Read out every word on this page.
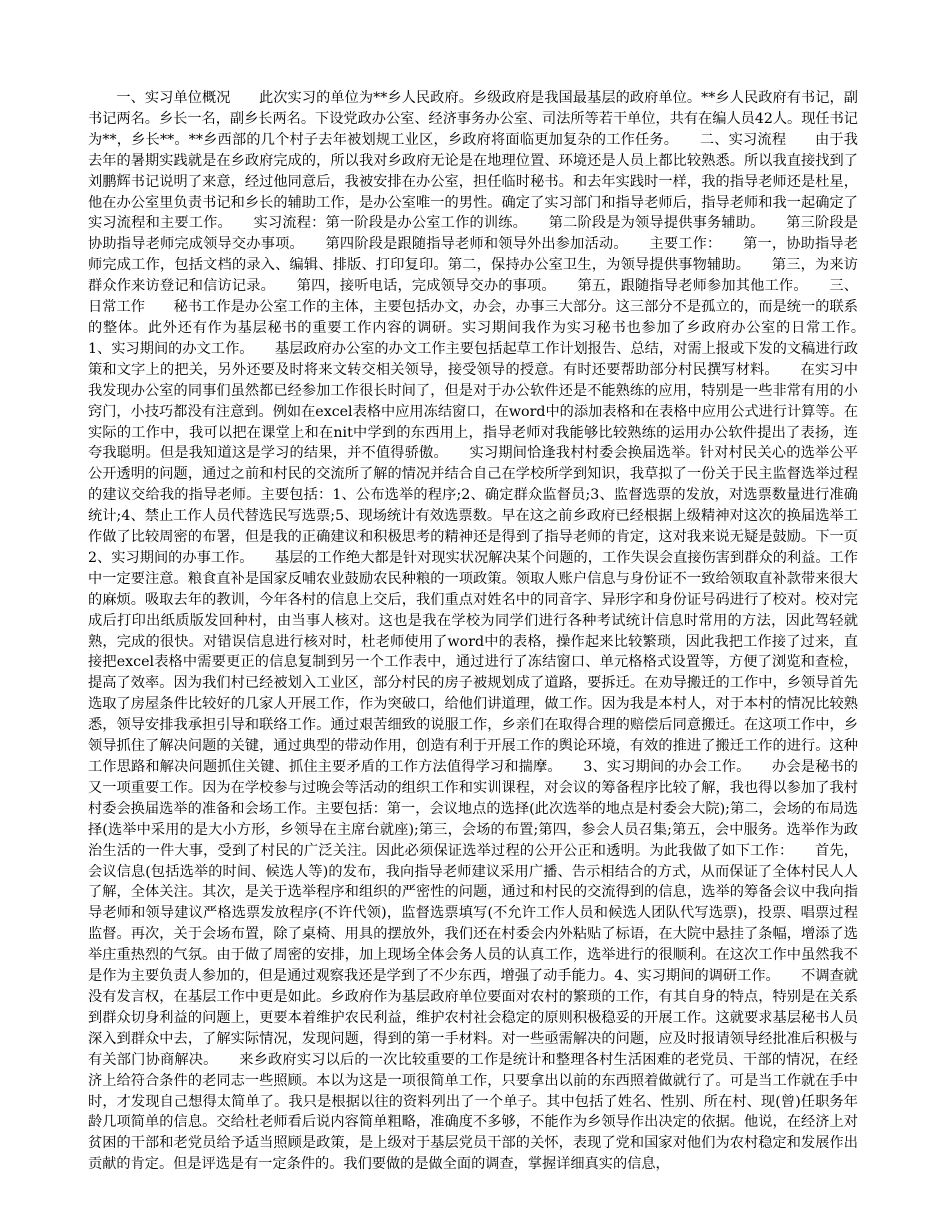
一、实习单位概况　　此次实习的单位为**乡人民政府。乡级政府是我国最基层的政府单位。**乡人民政府有书记，副书记两名。乡长一名，副乡长两名。下设党政办公室、经济事务办公室、司法所等若干单位，共有在编人员42人。现任书记为**，乡长**。**乡西部的几个村子去年被划规工业区，乡政府将面临更加复杂的工作任务。　　二、实习流程　　由于我去年的暑期实践就是在乡政府完成的，所以我对乡政府无论是在地理位置、环境还是人员上都比较熟悉。所以我直接找到了刘鹏辉书记说明了来意，经过他同意后，我被安排在办公室，担任临时秘书。和去年实践时一样，我的指导老师还是杜星，他在办公室里负责书记和乡长的辅助工作，是办公室唯一的男性。确定了实习部门和指导老师后，指导老师和我一起确定了实习流程和主要工作。　　实习流程：第一阶段是办公室工作的训练。　　第二阶段是为领导提供事务辅助。　　第三阶段是协助指导老师完成领导交办事项。　　第四阶段是跟随指导老师和领导外出参加活动。　　主要工作：　　第一，协助指导老师完成工作，包括文档的录入、编辑、排版、打印复印。第二，保持办公室卫生，为领导提供事物辅助。　　第三，为来访群众作来访登记和信访记录。　　第四，接听电话，完成领导交办的事项。　　第五，跟随指导老师参加其他工作。　　三、日常工作　　秘书工作是办公室工作的主体，主要包括办文，办会，办事三大部分。这三部分不是孤立的，而是统一的联系的整体。此外还有作为基层秘书的重要工作内容的调研。实习期间我作为实习秘书也参加了乡政府办公室的日常工作。　　1、实习期间的办文工作。　　基层政府办公室的办文工作主要包括起草工作计划报告、总结，对需上报或下发的文稿进行政策和文字上的把关，另外还要及时将来文转交相关领导，接受领导的授意。有时还要帮助部分村民撰写材料。　　在实习中我发现办公室的同事们虽然都已经参加工作很长时间了，但是对于办公软件还是不能熟练的应用，特别是一些非常有用的小窍门，小技巧都没有注意到。例如在excel表格中应用冻结窗口，在word中的添加表格和在表格中应用公式进行计算等。在实际的工作中，我可以把在课堂上和在nit中学到的东西用上，指导老师对我能够比较熟练的运用办公软件提出了表扬，连夸我聪明。但是我知道这是学习的结果，并不值得骄傲。　　实习期间恰逢我村村委会换届选举。针对村民关心的选举公平公开透明的问题，通过之前和村民的交流所了解的情况并结合自己在学校所学到知识，我草拟了一份关于民主监督选举过程的建议交给我的指导老师。主要包括：1、公布选举的程序;2、确定群众监督员;3、监督选票的发放，对选票数量进行准确统计;4、禁止工作人员代替选民写选票;5、现场统计有效选票数。早在这之前乡政府已经根据上级精神对这次的换届选举工作做了比较周密的布署，但是我的正确建议和积极思考的精神还是得到了指导老师的肯定，这对我来说无疑是鼓励。下一页　2、实习期间的办事工作。　　基层的工作绝大都是针对现实状况解决某个问题的，工作失误会直接伤害到群众的利益。工作中一定要注意。粮食直补是国家反哺农业鼓励农民种粮的一项政策。领取人账户信息与身份证不一致给领取直补款带来很大的麻烦。吸取去年的教训，今年各村的信息上交后，我们重点对姓名中的同音字、异形字和身份证号码进行了校对。校对完成后打印出纸质版发回种村，由当事人核对。这也是我在学校为同学们进行各种考试统计信息时常用的方法，因此驾轻就熟，完成的很快。对错误信息进行核对时，杜老师使用了word中的表格，操作起来比较繁琐，因此我把工作接了过来，直接把excel表格中需要更正的信息复制到另一个工作表中，通过进行了冻结窗口、单元格格式设置等，方便了浏览和查检，提高了效率。因为我们村已经被划入工业区，部分村民的房子被规划成了道路，要拆迁。在劝导搬迁的工作中，乡领导首先选取了房屋条件比较好的几家人开展工作，作为突破口，给他们讲道理，做工作。因为我是本村人，对于本村的情况比较熟悉，领导安排我承担引导和联络工作。通过艰苦细致的说服工作，乡亲们在取得合理的赔偿后同意搬迁。在这项工作中，乡领导抓住了解决问题的关键，通过典型的带动作用，创造有利于开展工作的舆论环境，有效的推进了搬迁工作的进行。这种工作思路和解决问题抓住关键、抓住主要矛盾的工作方法值得学习和揣摩。　　3、实习期间的办会工作。　　办会是秘书的又一项重要工作。因为在学校参与过晚会等活动的组织工作和实训课程，对会议的筹备程序比较了解，我也得以参加了我村村委会换届选举的准备和会场工作。主要包括：第一，会议地点的选择(此次选举的地点是村委会大院);第二，会场的布局选择(选举中采用的是大小方形，乡领导在主席台就座);第三，会场的布置;第四，参会人员召集;第五，会中服务。选举作为政治生活的一件大事，受到了村民的广泛关注。因此必须保证选举过程的公开公正和透明。为此我做了如下工作：　　首先，会议信息(包括选举的时间、候选人等)的发布，我向指导老师建议采用广播、告示相结合的方式，从而保证了全体村民人人了解，全体关注。其次，是关于选举程序和组织的严密性的问题，通过和村民的交流得到的信息，选举的筹备会议中我向指导老师和领导建议严格选票发放程序(不许代领)，监督选票填写(不允许工作人员和候选人团队代写选票)，投票、唱票过程监督。再次，关于会场布置，除了桌椅、用具的摆放外，我们还在村委会内外粘贴了标语，在大院中悬挂了条幅，增添了选举庄重热烈的气氛。由于做了周密的安排，加上现场全体会务人员的认真工作，选举进行的很顺利。在这次工作中虽然我不是作为主要负责人参加的，但是通过观察我还是学到了不少东西，增强了动手能力。4、实习期间的调研工作。　　不调查就没有发言权，在基层工作中更是如此。乡政府作为基层政府单位要面对农村的繁琐的工作，有其自身的特点，特别是在关系到群众切身利益的问题上，更要本着维护农民利益，维护农村社会稳定的原则积极稳妥的开展工作。这就要求基层秘书人员深入到群众中去，了解实际情况，发现问题，得到的第一手材料。对一些亟需解决的问题，应及时报请领导经批准后积极与有关部门协商解决。　　来乡政府实习以后的一次比较重要的工作是统计和整理各村生活困难的老党员、干部的情况，在经济上给符合条件的老同志一些照顾。本以为这是一项很简单工作，只要拿出以前的东西照着做就行了。可是当工作就在手中时，才发现自己想得太简单了。我只是根据以往的资料列出了一个单子。其中包括了姓名、性别、所在村、现(曾)任职务年龄几项简单的信息。交给杜老师看后说内容简单粗略，准确度不多够，不能作为乡领导作出决定的依据。他说，在经济上对贫困的干部和老党员给予适当照顾是政策，是上级对于基层党员干部的关怀，表现了党和国家对他们为农村稳定和发展作出贡献的肯定。但是评选是有一定条件的。我们要做的是做全面的调查，掌握详细真实的信息，
